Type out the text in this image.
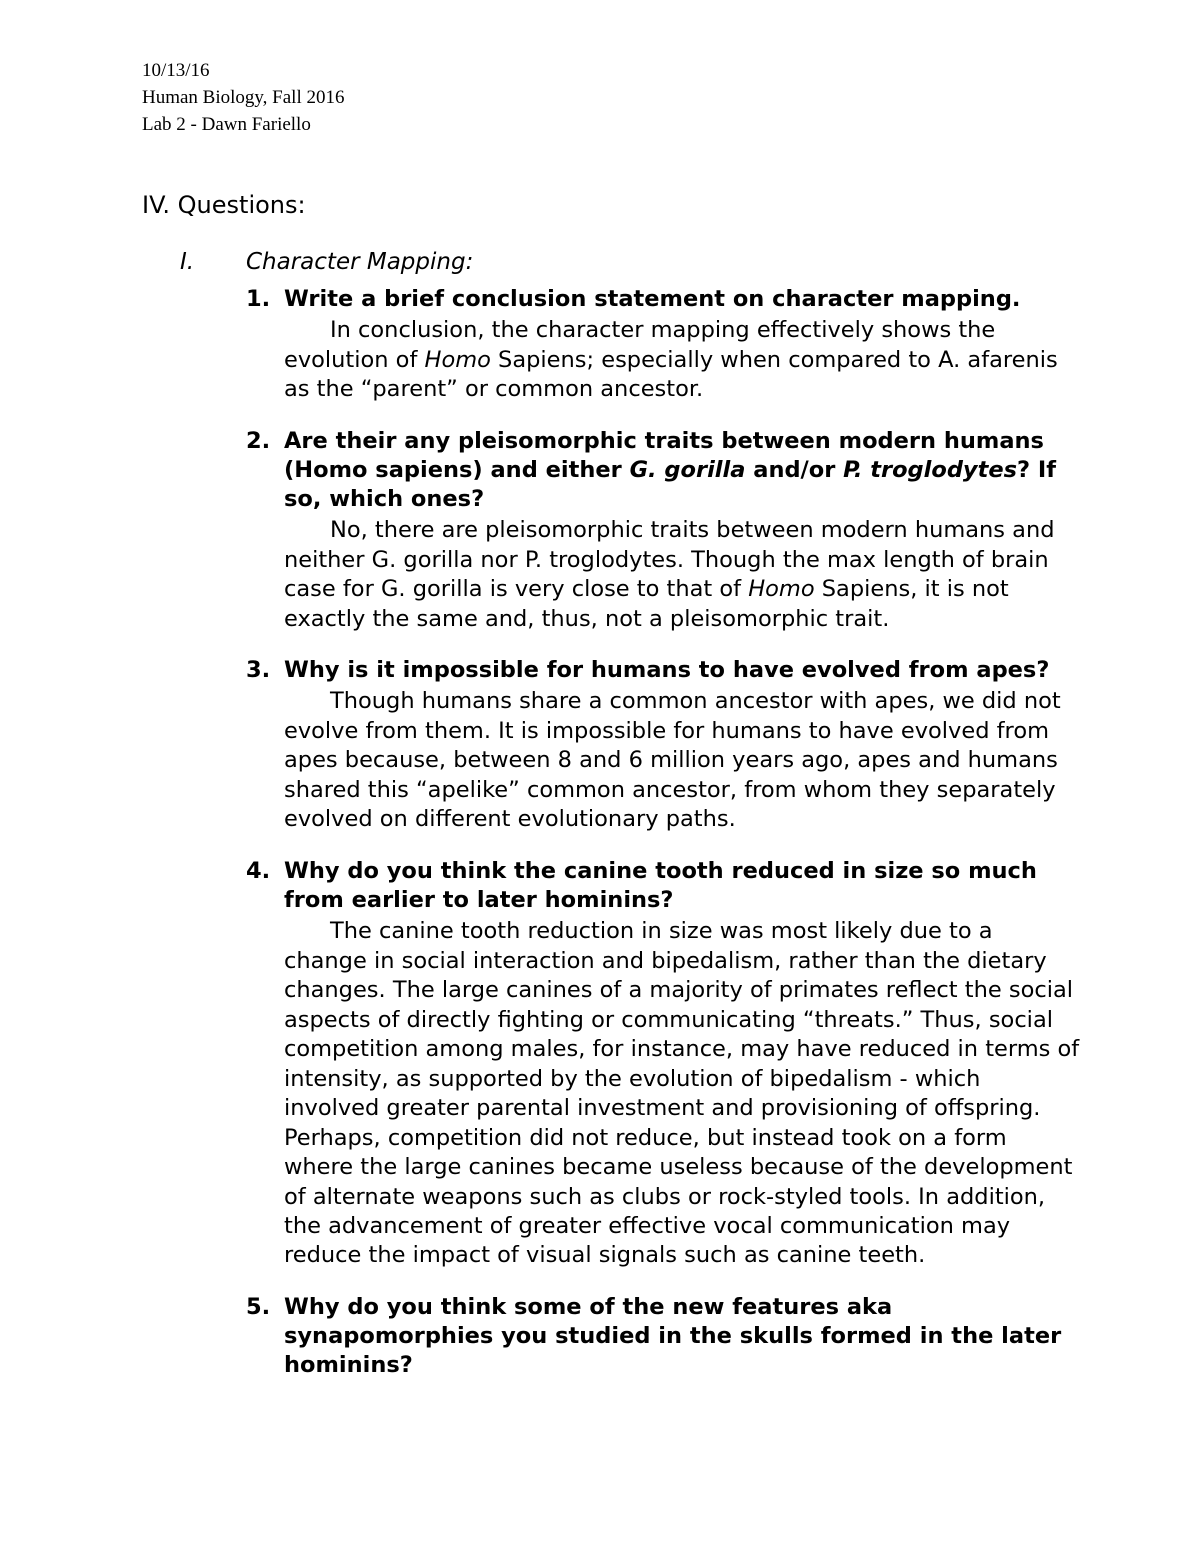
10/13/16
Human Biology, Fall 2016
Lab 2 - Dawn Fariello
IV. Questions:
I.	Character Mapping:
1. Write a brief conclusion statement on character mapping.
In conclusion, the character mapping effectively shows the evolution of Homo Sapiens; especially when compared to A. afarenis as the “parent” or common ancestor.
2. Are their any pleisomorphic traits between modern humans (Homo sapiens) and either G. gorilla and/or P. troglodytes? If so, which ones?
No, there are pleisomorphic traits between modern humans and neither G. gorilla nor P. troglodytes. Though the max length of brain case for G. gorilla is very close to that of Homo Sapiens, it is not exactly the same and, thus, not a pleisomorphic trait.
3. Why is it impossible for humans to have evolved from apes?
Though humans share a common ancestor with apes, we did not evolve from them. It is impossible for humans to have evolved from apes because, between 8 and 6 million years ago, apes and humans shared this “apelike” common ancestor, from whom they separately evolved on different evolutionary paths.
4. Why do you think the canine tooth reduced in size so much from earlier to later hominins?
The canine tooth reduction in size was most likely due to a change in social interaction and bipedalism, rather than the dietary changes. The large canines of a majority of primates reflect the social aspects of directly fighting or communicating “threats.” Thus, social competition among males, for instance, may have reduced in terms of intensity, as supported by the evolution of bipedalism - which involved greater parental investment and provisioning of offspring. Perhaps, competition did not reduce, but instead took on a form where the large canines became useless because of the development of alternate weapons such as clubs or rock-styled tools. In addition, the advancement of greater effective vocal communication may reduce the impact of visual signals such as canine teeth.
5. Why do you think some of the new features aka synapomorphies you studied in the skulls formed in the later hominins?
